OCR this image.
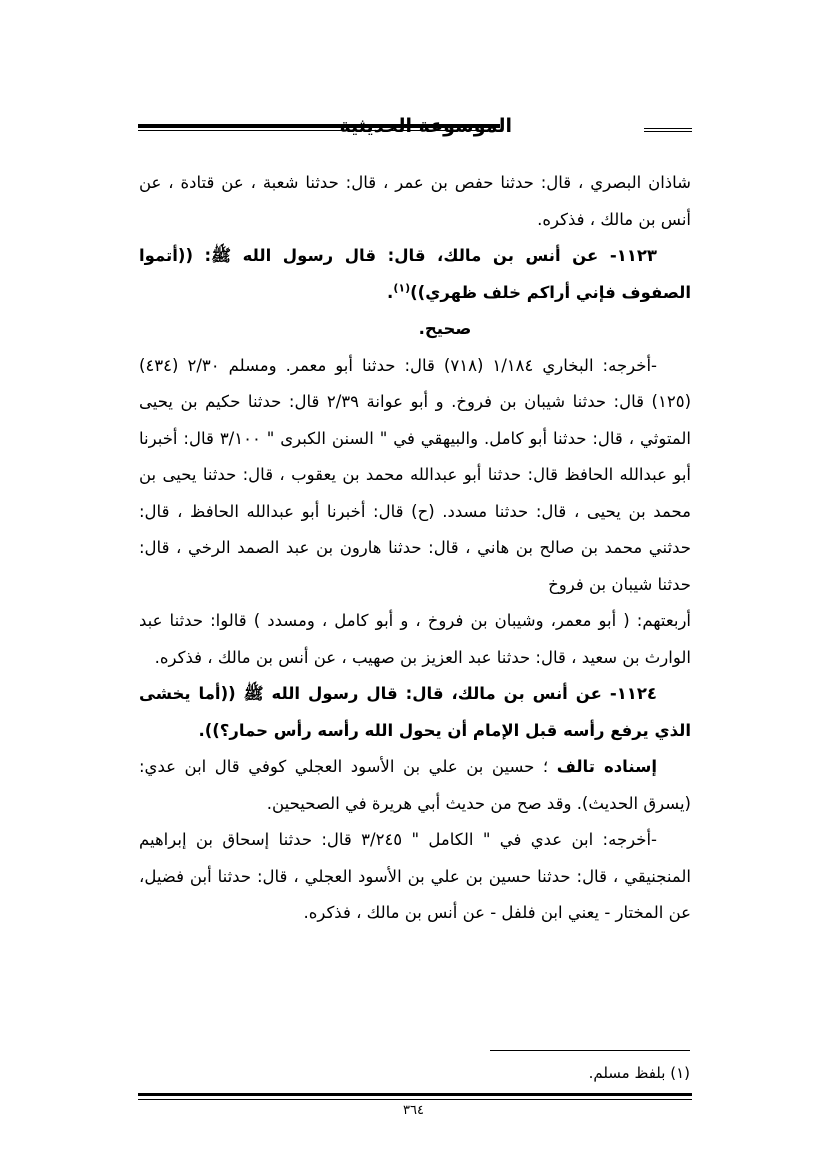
الموسوعة الحديثية

شاذان البصري ، قال: حدثنا حفص بن عمر ، قال: حدثنا شعبة ، عن قتادة ، عن أنس بن مالك ، فذكره.

١١٢٣- عن أنس بن مالك، قال: قال رسول الله ﷺ: ((أتموا الصفوف فإني أراكم خلف ظهري))$^{(١)}$.

صحيح.

-أخرجه: البخاري ١/١٨٤ (٧١٨) قال: حدثنا أبو معمر. ومسلم ٢/٣٠ (٤٣٤) (١٢٥) قال: حدثنا شيبان بن فروخ. و أبو عوانة ٢/٣٩ قال: حدثنا حكيم بن يحيى المتوثي ، قال: حدثنا أبو كامل. والبيهقي في " السنن الكبرى " ٣/١٠٠ قال: أخبرنا أبو عبدالله الحافظ قال: حدثنا أبو عبدالله محمد بن يعقوب ، قال: حدثنا يحيى بن محمد بن يحيى ، قال: حدثنا مسدد. (ح) قال: أخبرنا أبو عبدالله الحافظ ، قال: حدثني محمد بن صالح بن هاني ، قال: حدثنا هارون بن عبد الصمد الرخي ، قال: حدثنا شيبان بن فروخ

أربعتهم: ( أبو معمر، وشيبان بن فروخ ، و أبو كامل ، ومسدد ) قالوا: حدثنا عبد الوارث بن سعيد ، قال: حدثنا عبد العزيز بن صهيب ، عن أنس بن مالك ، فذكره.

١١٢٤- عن أنس بن مالك، قال: قال رسول الله ﷺ ((أما يخشى الذي يرفع رأسه قبل الإمام أن يحول الله رأسه رأس حمار؟)).

إسناده تالف ؛ حسين بن علي بن الأسود العجلي كوفي قال ابن عدي: (يسرق الحديث). وقد صح من حديث أبي هريرة في الصحيحين.

-أخرجه: ابن عدي في " الكامل " ٣/٢٤٥ قال: حدثنا إسحاق بن إبراهيم المنجنيقي ، قال: حدثنا حسين بن علي بن الأسود العجلي ، قال: حدثنا أبن فضيل، عن المختار - يعني ابن فلفل - عن أنس بن مالك ، فذكره.

(١) بلفظ مسلم.
٣٦٤
